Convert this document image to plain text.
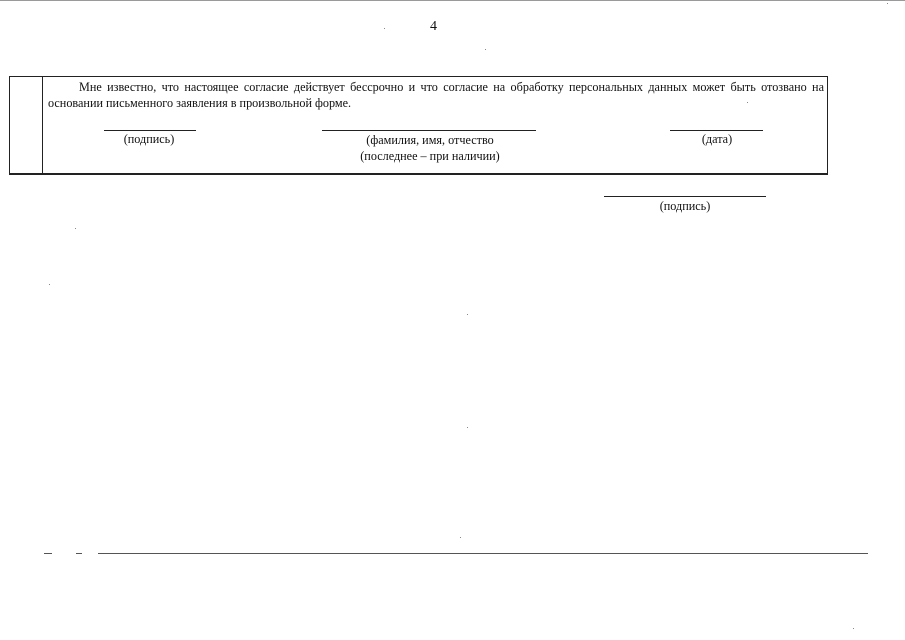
4

Мне известно, что настоящее согласие действует бессрочно и что согласие на обработку персональных данных может быть отозвано на основании письменного заявления в произвольной форме.

(подпись)	(фамилия, имя, отчество
(последнее – при наличии)
(дата)
(подпись)
